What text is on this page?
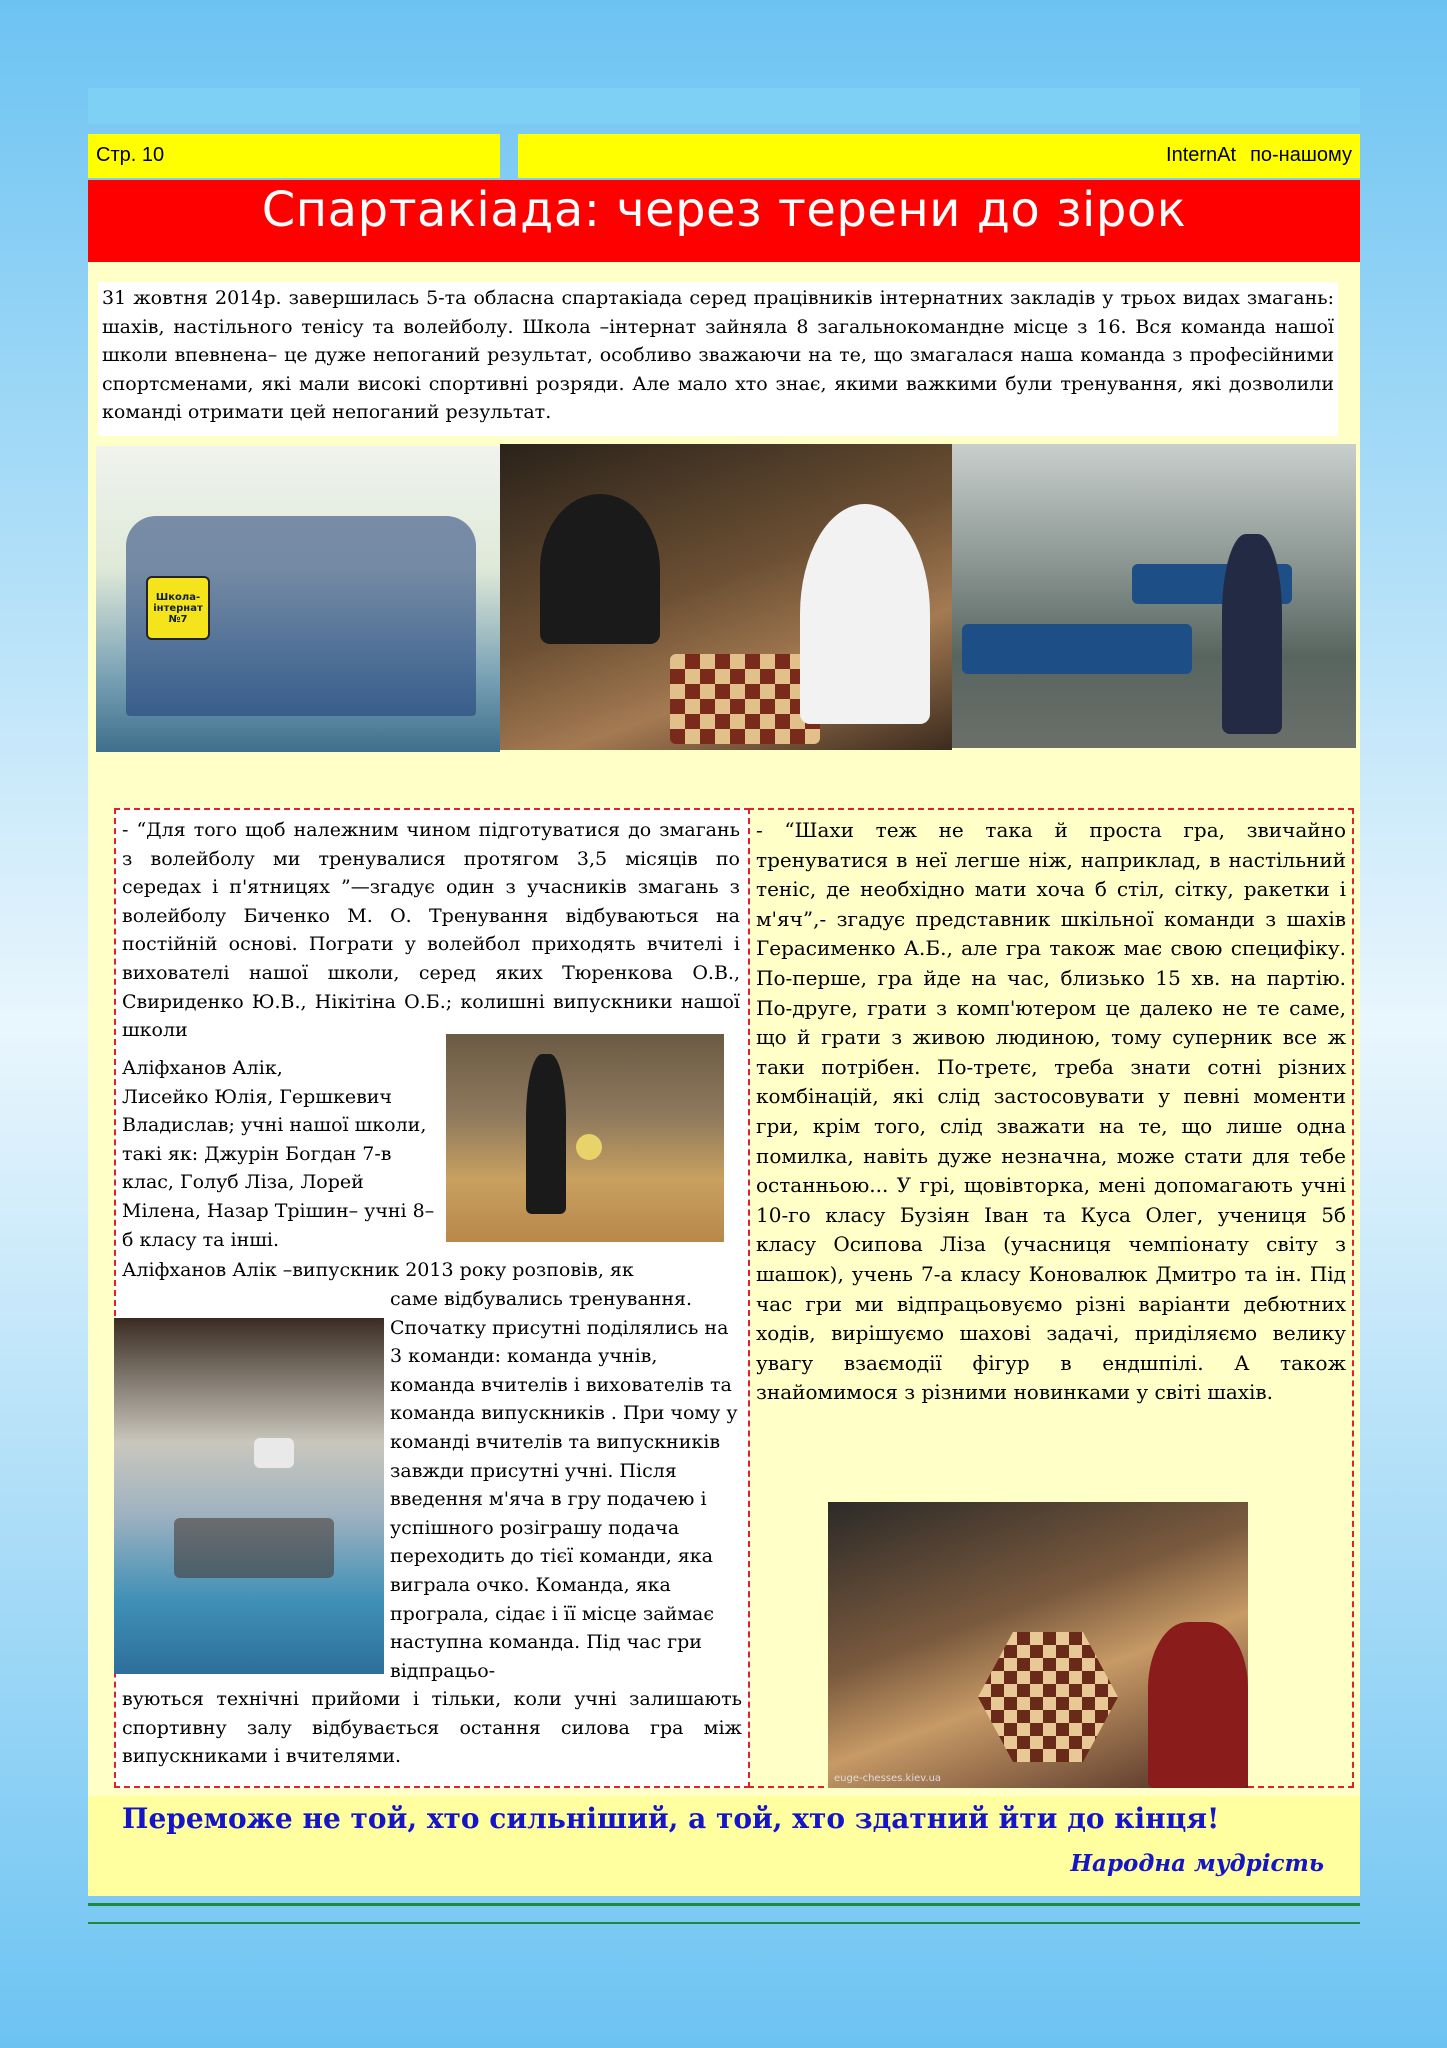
Стр. 10	InternAt по-нашому
Спартакіада: через терени до зірок
31 жовтня 2014р. завершилась 5-та обласна спартакіада серед працівників інтернатних закладів у трьох видах змагань: шахів, настільного тенісу та волейболу. Школа –інтернат зайняла 8 загальнокомандне місце з 16. Вся команда нашої школи впевнена– це дуже непоганий результат, особливо зважаючи на те, що змагалася наша команда з професійними спортсменами, які мали високі спортивні розряди. Але мало хто знає, якими важкими були тренування, які дозволили команді отримати цей непоганий результат.
Школа-інтернат №7
- “Для того щоб належним чином підготуватися до змагань з волейболу ми тренувалися протягом 3,5 місяців по середах і п'ятницях ”—згадує один з учасників змагань з волейболу Биченко М. О. Тренування відбуваються на постійній основі. Пограти у волейбол приходять вчителі і вихователі нашої школи, серед яких Тюренкова О.В., Свириденко Ю.В., Нікітіна О.Б.; колишні випускники нашої школи
Аліфханов Алік,
Лисейко Юлія, Гершкевич Владислав; учні нашої школи, такі як: Джурін Богдан 7-в клас, Голуб Ліза, Лорей Мілена, Назар Трішин– учні 8–б класу та інші.
Аліфханов Алік –випускник 2013 року розповів, як
саме відбувались тренування. Спочатку присутні поділялись на 3 команди: команда учнів, команда вчителів і вихователів та команда випускників . При чому у команді вчителів та випускників завжди присутні учні. Після введення м'яча в гру подачею і успішного розіграшу подача переходить до тієї команди, яка виграла очко. Команда, яка програла, сідає і її місце займає наступна команда. Під час гри відпрацьо-
вуються технічні прийоми і тільки, коли учні залишають спортивну залу відбувається остання силова гра між випускниками і вчителями.
- “Шахи теж не така й проста гра, звичайно тренуватися в неї легше ніж, наприклад, в настільний теніс, де необхідно мати хоча б стіл, сітку, ракетки і м'яч”,- згадує представник шкільної команди з шахів Герасименко А.Б., але гра також має свою специфіку. По-перше, гра йде на час, близько 15 хв. на партію. По-друге, грати з комп'ютером це далеко не те саме, що й грати з живою людиною, тому суперник все ж таки потрібен. По-третє, треба знати сотні різних комбінацій, які слід застосовувати у певні моменти гри, крім того, слід зважати на те, що лише одна помилка, навіть дуже незначна, може стати для тебе останньою... У грі, щовівторка, мені допомагають учні 10-го класу Бузіян Іван та Куса Олег, учениця 5б класу Осипова Ліза (учасниця чемпіонату світу з шашок), учень 7-а класу Коновалюк Дмитро та ін. Під час гри ми відпрацьовуємо різні варіанти дебютних ходів, вирішуємо шахові задачі, приділяємо велику увагу взаємодії фігур в ендшпілі. А також знайомимося з різними новинками у світі шахів.
euge-chesses.kiev.ua
Переможе не той, хто сильніший, а той, хто здатний йти до кінця!
Народна мудрість
